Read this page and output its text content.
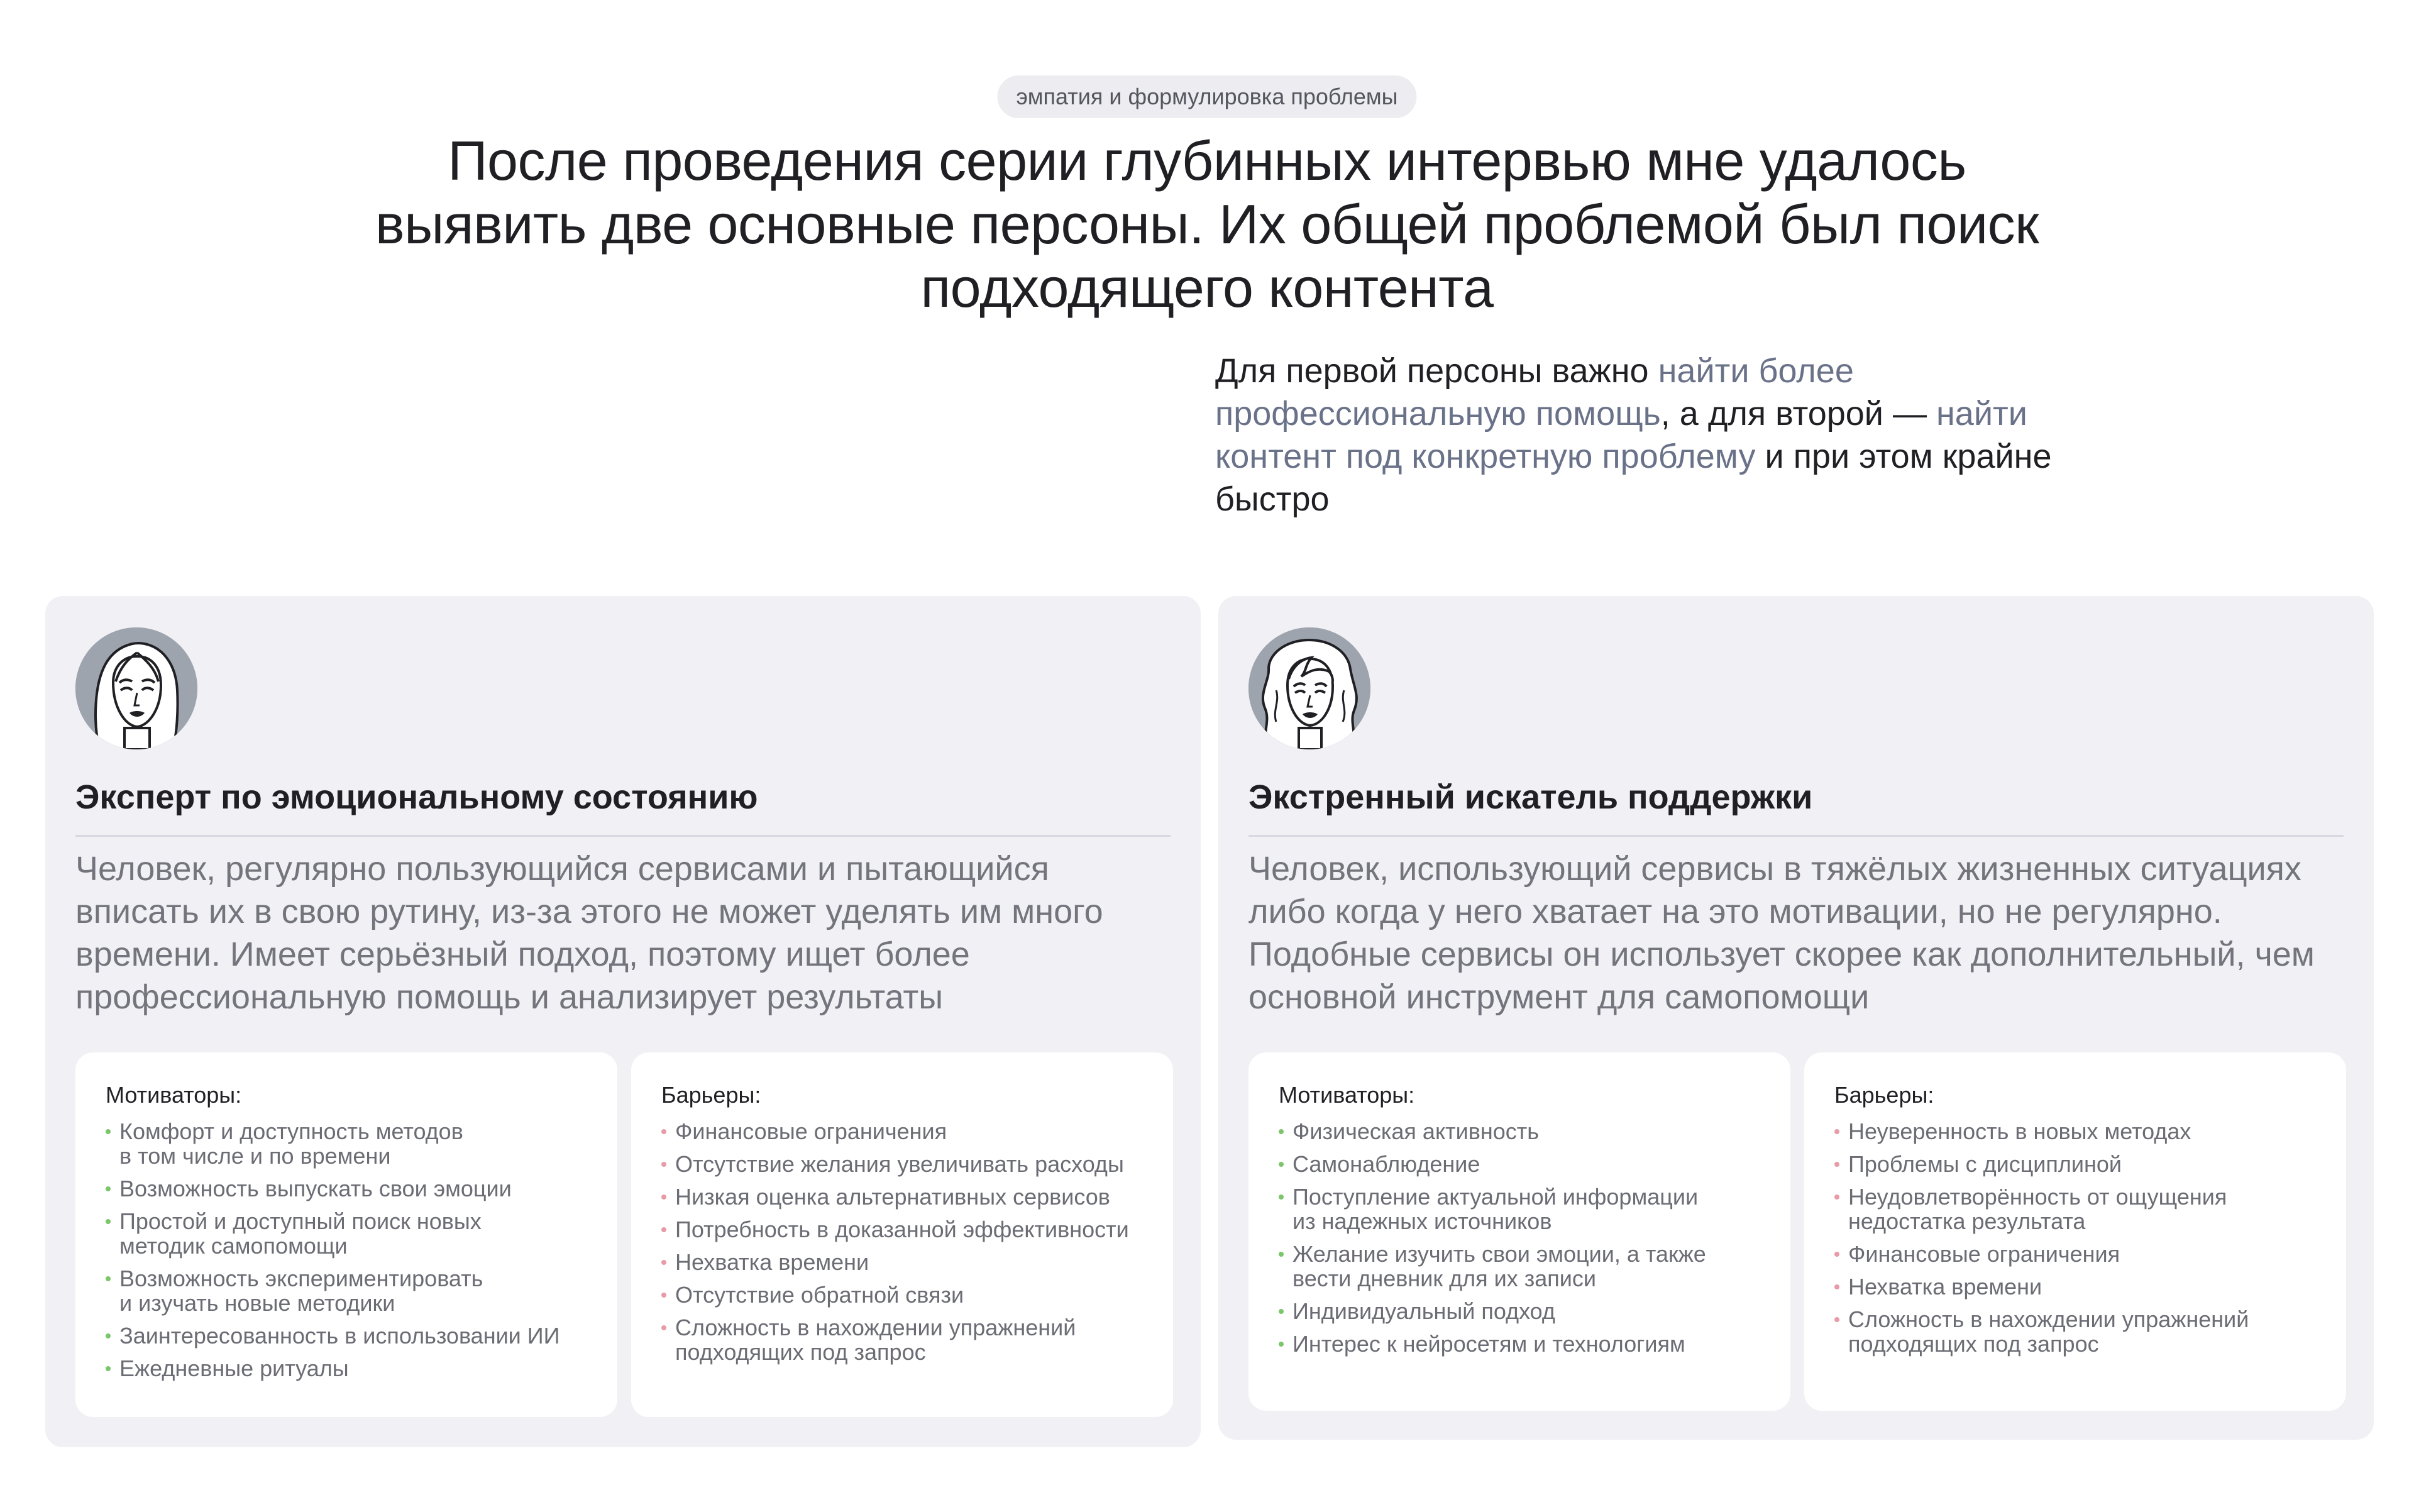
эмпатия и формулировка проблемы
После проведения серии глубинных интервью мне удалось выявить две основные персоны. Их общей проблемой был поиск подходящего контента

Для первой персоны важно найти более профессиональную помощь, а для второй — найти контент под конкретную проблему и при этом крайне быстро

Эксперт по эмоциональному состоянию

Человек, регулярно пользующийся сервисами и пытающийся вписать их в свою рутину, из-за этого не может уделять им много времени. Имеет серьёзный подход, поэтому ищет более профессиональную помощь и анализирует результаты

Мотиваторы:
Комфорт и доступность методов
в том числе и по времени
Возможность выпускать свои эмоции
Простой и доступный поиск новых
методик самопомощи
Возможность экспериментировать
и изучать новые методики
Заинтересованность в использовании ИИ
Ежедневные ритуалы
Барьеры:
Финансовые ограничения
Отсутствие желания увеличивать расходы
Низкая оценка альтернативных сервисов
Потребность в доказанной эффективности
Нехватка времени
Отсутствие обратной связи
Сложность в нахождении упражнений
подходящих под запрос
Экстренный искатель поддержки

Человек, использующий сервисы в тяжёлых жизненных ситуациях либо когда у него хватает на это мотивации, но не регулярно. Подобные сервисы он использует скорее как дополнительный, чем основной инструмент для самопомощи

Мотиваторы:
Физическая активность
Самонаблюдение
Поступление актуальной информации
из надежных источников
Желание изучить свои эмоции, а также
вести дневник для их записи
Индивидуальный подход
Интерес к нейросетям и технологиям
Барьеры:
Неуверенность в новых методах
Проблемы с дисциплиной
Неудовлетворённость от ощущения
недостатка результата
Финансовые ограничения
Нехватка времени
Сложность в нахождении упражнений
подходящих под запрос
